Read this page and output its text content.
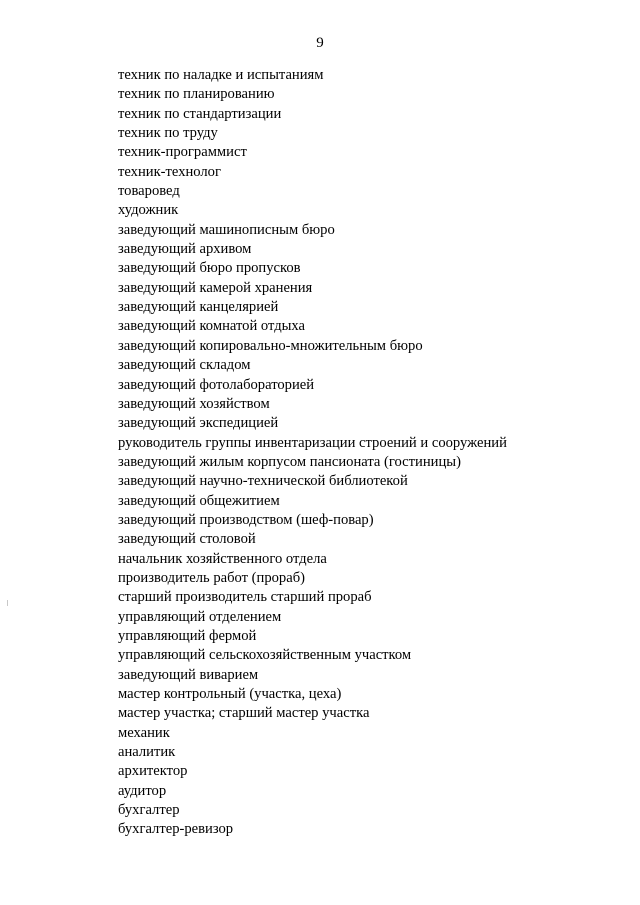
9
техник по наладке и испытаниям
техник по планированию
техник по стандартизации
техник по труду
техник-программист
техник-технолог
товаровед
художник
заведующий машинописным бюро
заведующий архивом
заведующий бюро пропусков
заведующий камерой хранения
заведующий канцелярией
заведующий комнатой отдыха
заведующий копировально-множительным бюро
заведующий складом
заведующий фотолабораторией
заведующий хозяйством
заведующий экспедицией
руководитель группы инвентаризации строений и сооружений
заведующий жилым корпусом пансионата (гостиницы)
заведующий научно-технической библиотекой
заведующий общежитием
заведующий производством (шеф-повар)
заведующий столовой
начальник хозяйственного отдела
производитель работ (прораб)
старший производитель старший прораб
управляющий отделением
управляющий фермой
управляющий сельскохозяйственным участком
заведующий виварием
мастер контрольный (участка, цеха)
мастер участка; старший мастер участка
механик
аналитик
архитектор
аудитор
бухгалтер
бухгалтер-ревизор
